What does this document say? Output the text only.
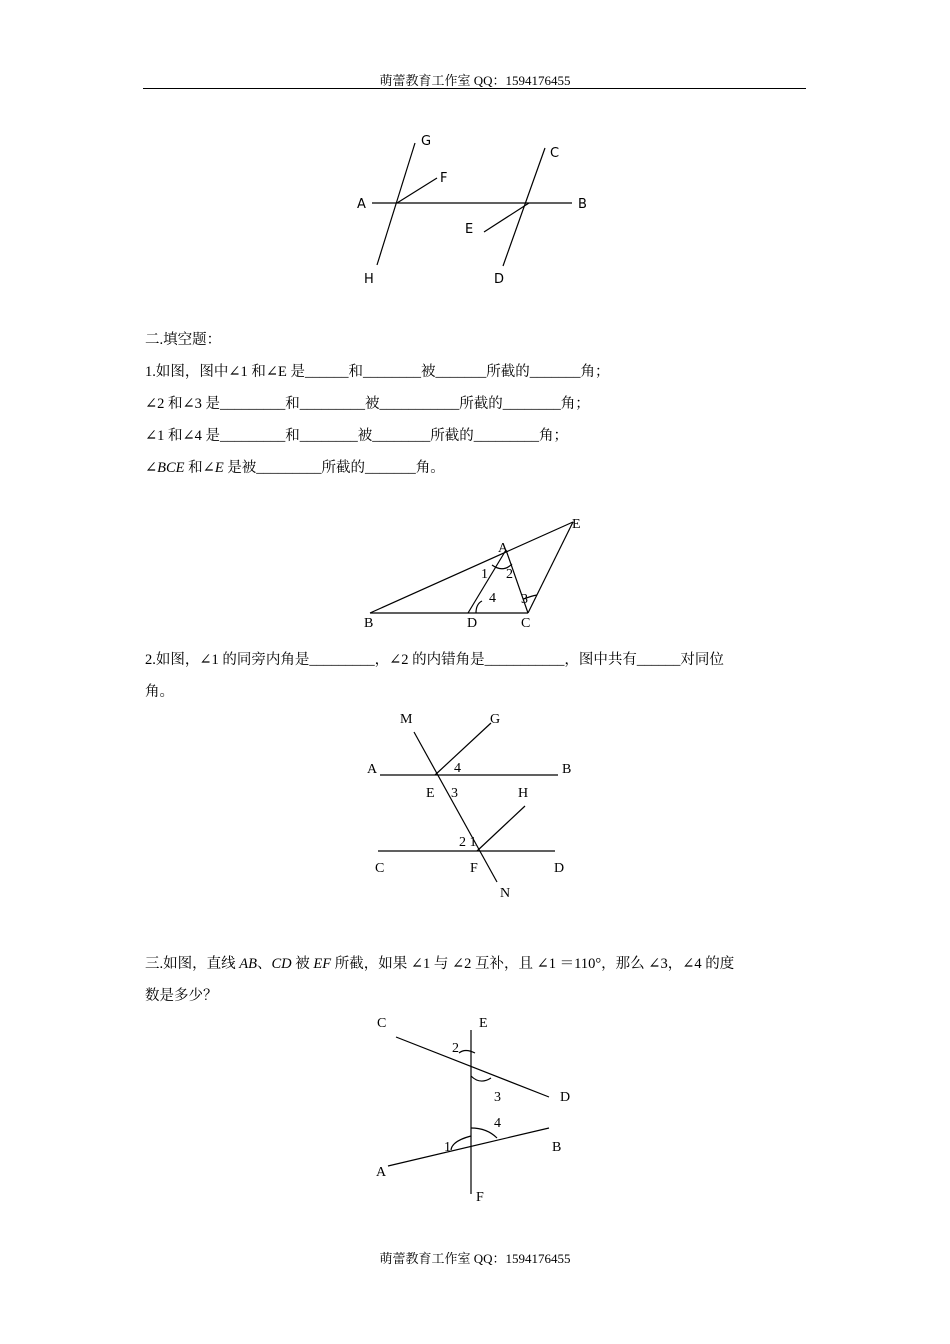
萌蕾教育工作室 QQ：1594176455
G
F
A
H
C
B
E
D
二.填空题：
1.如图，图中∠1 和∠E 是______和________被_______所截的_______角；
∠2 和∠3 是_________和_________被___________所截的________角；
∠1 和∠4 是_________和________被________所截的_________角；
∠BCE 和∠E 是被_________所截的_______角。
E
A
1 2
4 3
B	D	C
2.如图，∠1 的同旁内角是_________，∠2 的内错角是___________，图中共有______对同位
角。
M	G
A	4	B
E 3	H
2 1
C	F	D
N
三.如图，直线 AB、CD 被 EF 所截，如果 ∠1 与 ∠2 互补，且 ∠1 ＝110°，那么 ∠3，∠4 的度
数是多少？
C	E
2
3	D
4
1	B
A
F
萌蕾教育工作室 QQ：1594176455
